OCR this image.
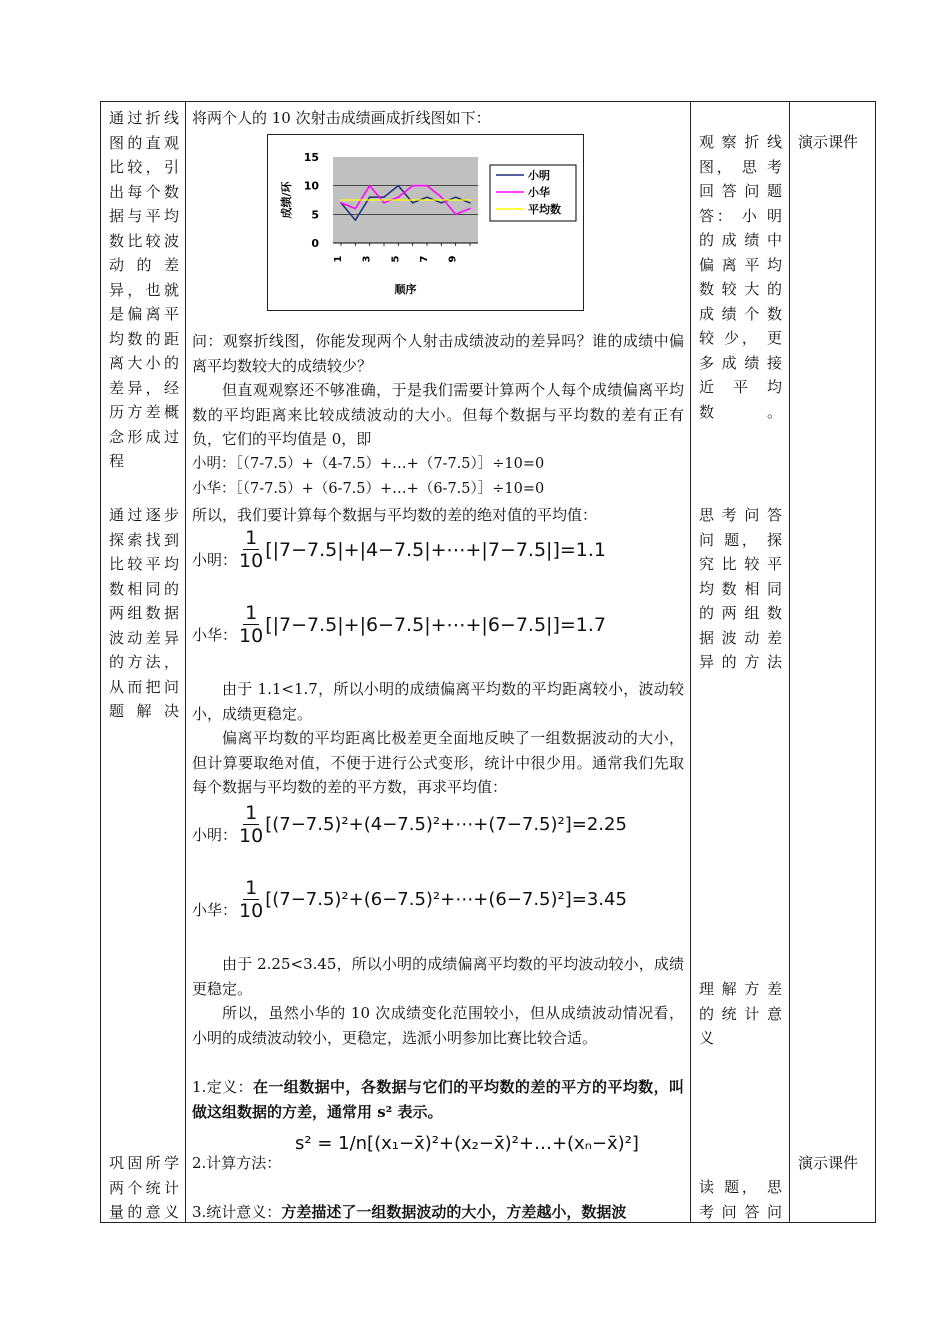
通过折线
图的直观
比较，引
出每个数
据与平均
数比较波
动 的 差
异，也就
是偏离平
均数的距
离大小的
差异，经
历方差概
念形成过
程
通过逐步
探索找到
比较平均
数相同的
两组数据
波动差异
的方法，
从而把问
题解决
巩固所学
两个统计
量的意义

将两个人的 10 次射击成绩画成折线图如下：

0
5
10
15
1 3 5 7 9
顺序
成绩/环
小明
小华
平均数
问：观察折线图，你能发现两个人射击成绩波动的差异吗？谁的成绩中偏离平均数较大的成绩较少？
但直观观察还不够准确，于是我们需要计算两个人每个成绩偏离平均数的平均距离来比较成绩波动的大小。但每个数据与平均数的差有正有负，它们的平均值是 0，即
小明：［（7-7.5）+（4-7.5）+…+（7-7.5）］÷10=0
小华：［（7-7.5）+（6-7.5）+…+（6-7.5）］÷10=0
所以，我们要计算每个数据与平均数的差的绝对值的平均值：
小明： $\frac{1}{10}$ [|7−7.5|+|4−7.5|+⋯+|7−7.5|]=1.1
小华： $\frac{1}{10}$ [|7−7.5|+|6−7.5|+⋯+|6−7.5|]=1.7
由于 1.1<1.7，所以小明的成绩偏离平均数的平均距离较小，波动较小，成绩更稳定。
偏离平均数的平均距离比极差更全面地反映了一组数据波动的大小，但计算要取绝对值，不便于进行公式变形，统计中很少用。通常我们先取每个数据与平均数的差的平方数，再求平均值：
小明： $\frac{1}{10}$ [(7−7.5)²+(4−7.5)²+⋯+(7−7.5)²]=2.25
小华： $\frac{1}{10}$ [(7−7.5)²+(6−7.5)²+⋯+(6−7.5)²]=3.45
由于 2.25<3.45，所以小明的成绩偏离平均数的平均波动较小，成绩更稳定。
所以，虽然小华的 10 次成绩变化范围较小，但从成绩波动情况看，小明的成绩波动较小，更稳定，选派小明参加比赛比较合适。
1.定义：在一组数据中，各数据与它们的平均数的差的平方的平均数，叫做这组数据的方差，通常用 s² 表示。
2.计算方法：
s² = 1/n[(x₁−x̄)²+(x₂−x̄)²+…+(xₙ−x̄)²]
3.统计意义：方差描述了一组数据波动的大小，方差越小，数据波
观 察 折 线
图， 思 考
回答问题
答： 小 明
的 成 绩 中
偏 离 平 均
数 较 大 的
成 绩 个 数
较 少， 更
多 成 绩 接
近 平 均
数。
思 考 问 答
问 题， 探
究 比 较 平
均 数 相 同
的 两 组 数
据 波 动 差
异的方法
理 解 方 差
的 统 计 意
义
读 题， 思
考 问 答 问
演示课件
演示课件
